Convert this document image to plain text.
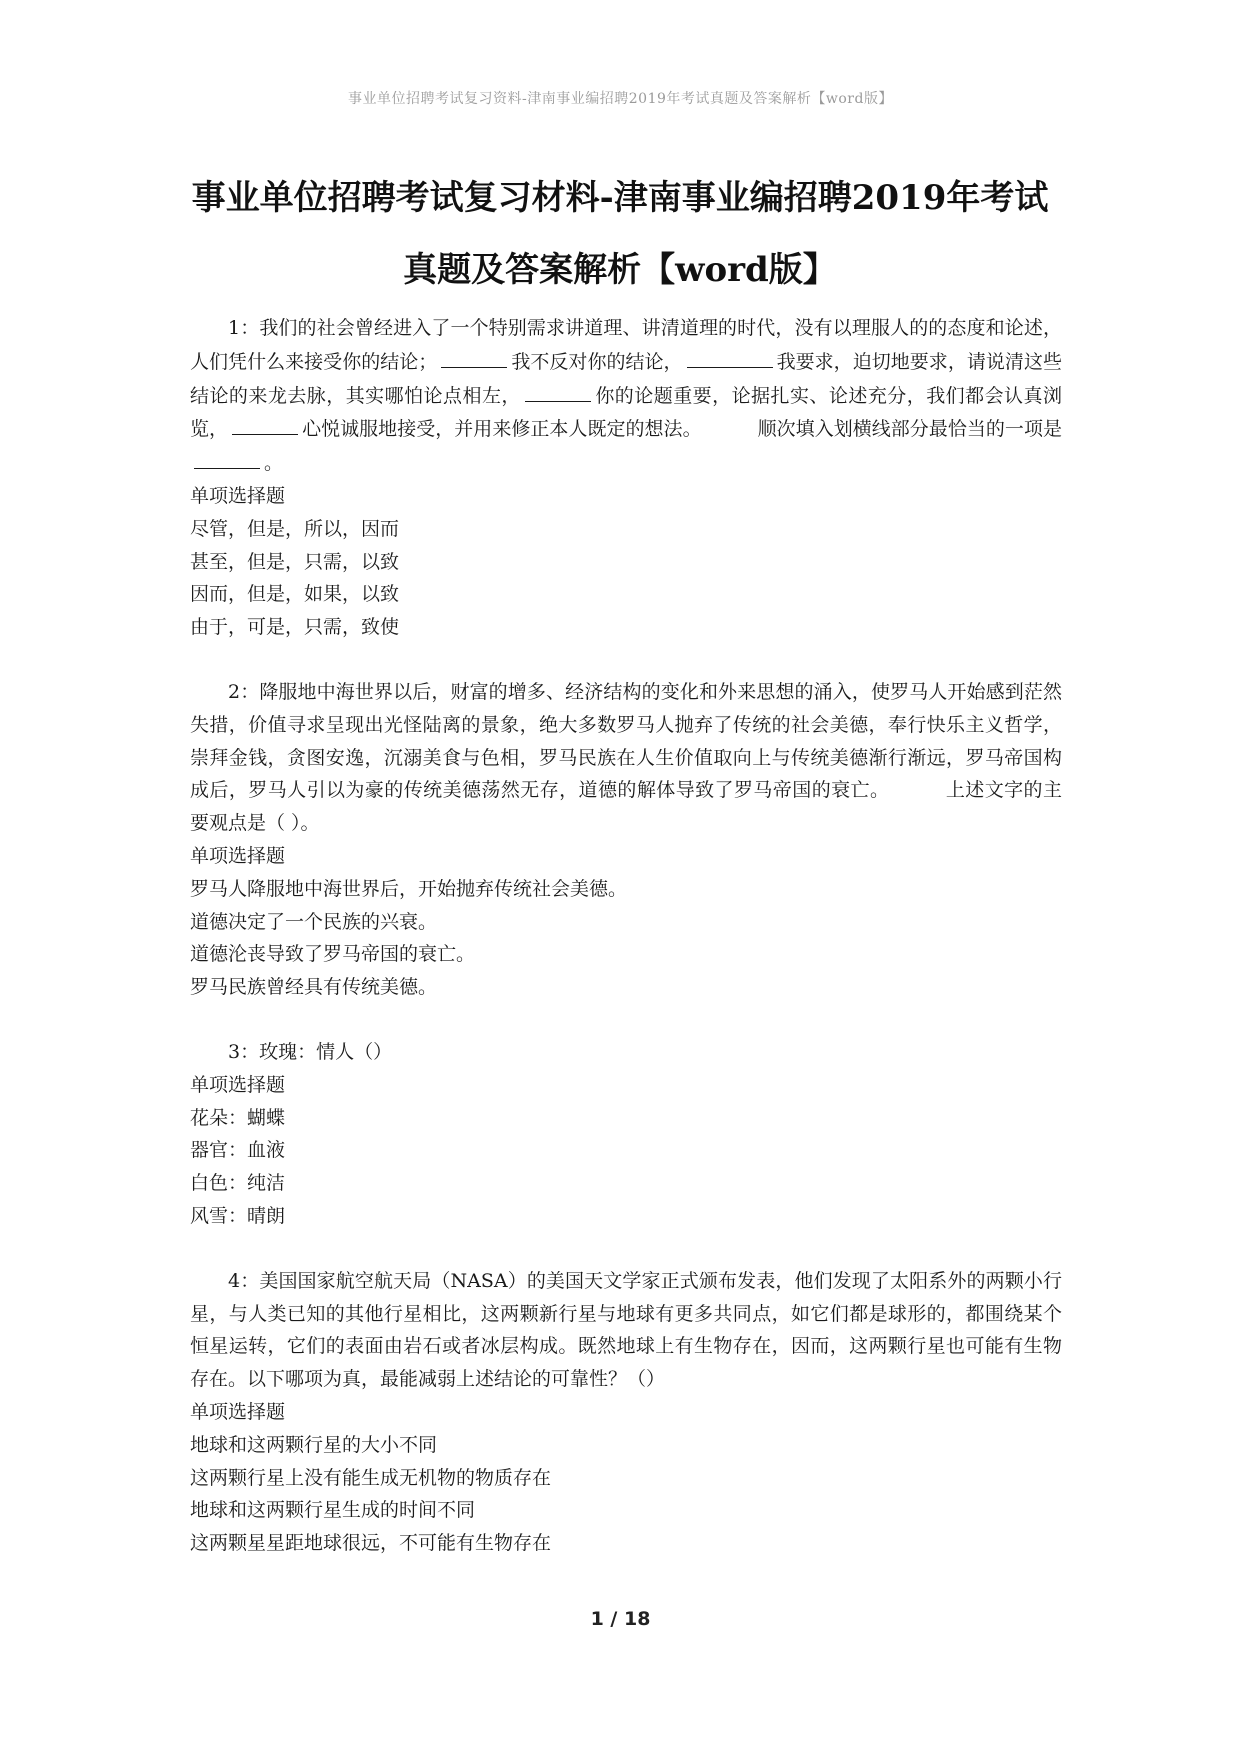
事业单位招聘考试复习资料-津南事业编招聘2019年考试真题及答案解析【word版】
事业单位招聘考试复习材料-津南事业编招聘2019年考试
真题及答案解析【word版】

1：我们的社会曾经进入了一个特别需求讲道理、讲清道理的时代，没有以理服人的的态度和论述，人们凭什么来接受你的结论；	我不反对你的结论，	我要求，迫切地要求，请说清这些结论的来龙去脉，其实哪怕论点相左，	你的论题重要，论据扎实、论述充分，我们都会认真浏览，	心悦诚服地接受，并用来修正本人既定的想法。	顺次填入划横线部分最恰当的一项是。

单项选择题

尽管，但是，所以，因而

甚至，但是，只需，以致

因而，但是，如果，以致

由于，可是，只需，致使

2：降服地中海世界以后，财富的增多、经济结构的变化和外来思想的涌入，使罗马人开始感到茫然失措，价值寻求呈现出光怪陆离的景象，绝大多数罗马人抛弃了传统的社会美德，奉行快乐主义哲学，崇拜金钱，贪图安逸，沉溺美食与色相，罗马民族在人生价值取向上与传统美德渐行渐远，罗马帝国构成后，罗马人引以为豪的传统美德荡然无存，道德的解体导致了罗马帝国的衰亡。	上述文字的主要观点是（ ）。

单项选择题

罗马人降服地中海世界后，开始抛弃传统社会美德。

道德决定了一个民族的兴衰。

道德沦丧导致了罗马帝国的衰亡。

罗马民族曾经具有传统美德。

3：玫瑰：情人（）

单项选择题

花朵：蝴蝶

器官：血液

白色：纯洁

风雪：晴朗

4：美国国家航空航天局（NASA）的美国天文学家正式颁布发表，他们发现了太阳系外的两颗小行星，与人类已知的其他行星相比，这两颗新行星与地球有更多共同点，如它们都是球形的，都围绕某个恒星运转，它们的表面由岩石或者冰层构成。既然地球上有生物存在，因而，这两颗行星也可能有生物存在。以下哪项为真，最能减弱上述结论的可靠性？（）

单项选择题

地球和这两颗行星的大小不同

这两颗行星上没有能生成无机物的物质存在

地球和这两颗行星生成的时间不同

这两颗星星距地球很远，不可能有生物存在

1 / 18
